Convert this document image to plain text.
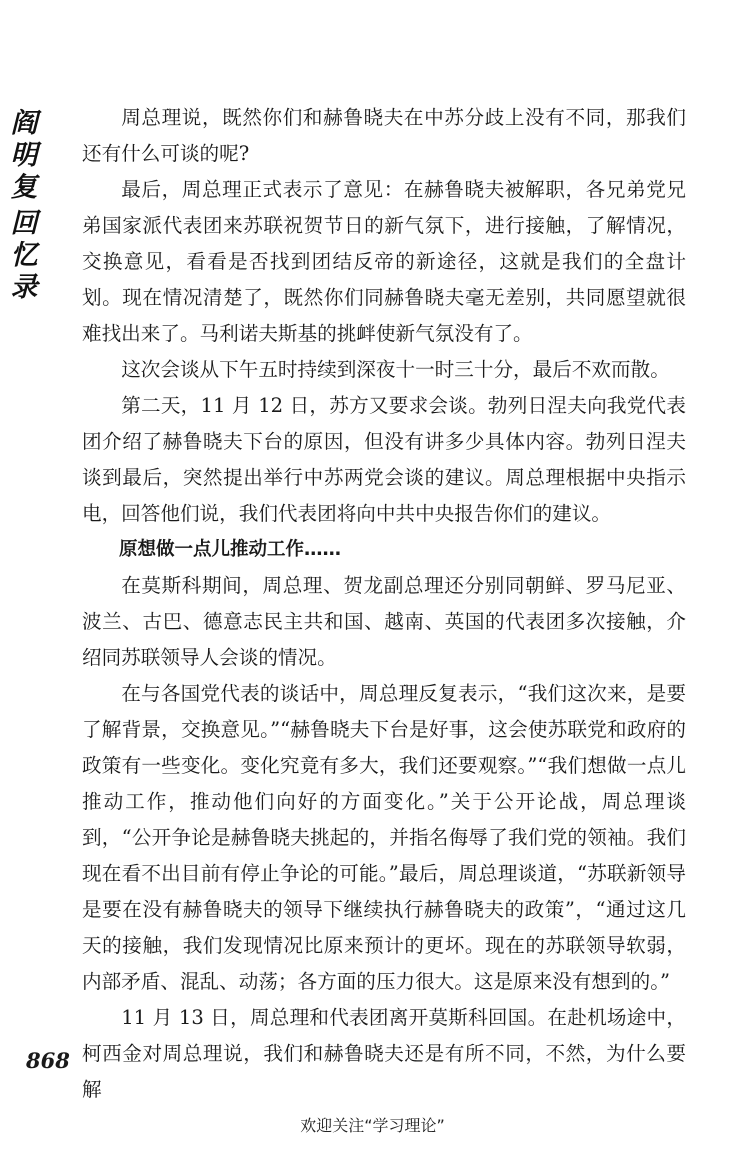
阎
明
复
回
忆
录

周总理说，既然你们和赫鲁晓夫在中苏分歧上没有不同，那我们还有什么可谈的呢?

最后，周总理正式表示了意见：在赫鲁晓夫被解职，各兄弟党兄弟国家派代表团来苏联祝贺节日的新气氛下，进行接触，了解情况，交换意见，看看是否找到团结反帝的新途径，这就是我们的全盘计划。现在情况清楚了，既然你们同赫鲁晓夫毫无差别，共同愿望就很难找出来了。马利诺夫斯基的挑衅使新气氛没有了。

这次会谈从下午五时持续到深夜十一时三十分，最后不欢而散。

第二天，11 月 12 日，苏方又要求会谈。勃列日涅夫向我党代表团介绍了赫鲁晓夫下台的原因，但没有讲多少具体内容。勃列日涅夫谈到最后，突然提出举行中苏两党会谈的建议。周总理根据中央指示电，回答他们说，我们代表团将向中共中央报告你们的建议。

原想做一点儿推动工作……

在莫斯科期间，周总理、贺龙副总理还分别同朝鲜、罗马尼亚、波兰、古巴、德意志民主共和国、越南、英国的代表团多次接触，介绍同苏联领导人会谈的情况。

在与各国党代表的谈话中，周总理反复表示，“我们这次来，是要了解背景，交换意见。”“赫鲁晓夫下台是好事，这会使苏联党和政府的政策有一些变化。变化究竟有多大，我们还要观察。”“我们想做一点儿推动工作，推动他们向好的方面变化。”关于公开论战，周总理谈到，“公开争论是赫鲁晓夫挑起的，并指名侮辱了我们党的领袖。我们现在看不出目前有停止争论的可能。”最后，周总理谈道，“苏联新领导是要在没有赫鲁晓夫的领导下继续执行赫鲁晓夫的政策”，“通过这几天的接触，我们发现情况比原来预计的更坏。现在的苏联领导软弱，内部矛盾、混乱、动荡；各方面的压力很大。这是原来没有想到的。”

11 月 13 日，周总理和代表团离开莫斯科回国。在赴机场途中，柯西金对周总理说，我们和赫鲁晓夫还是有所不同，不然，为什么要解

868
欢迎关注“学习理论”
